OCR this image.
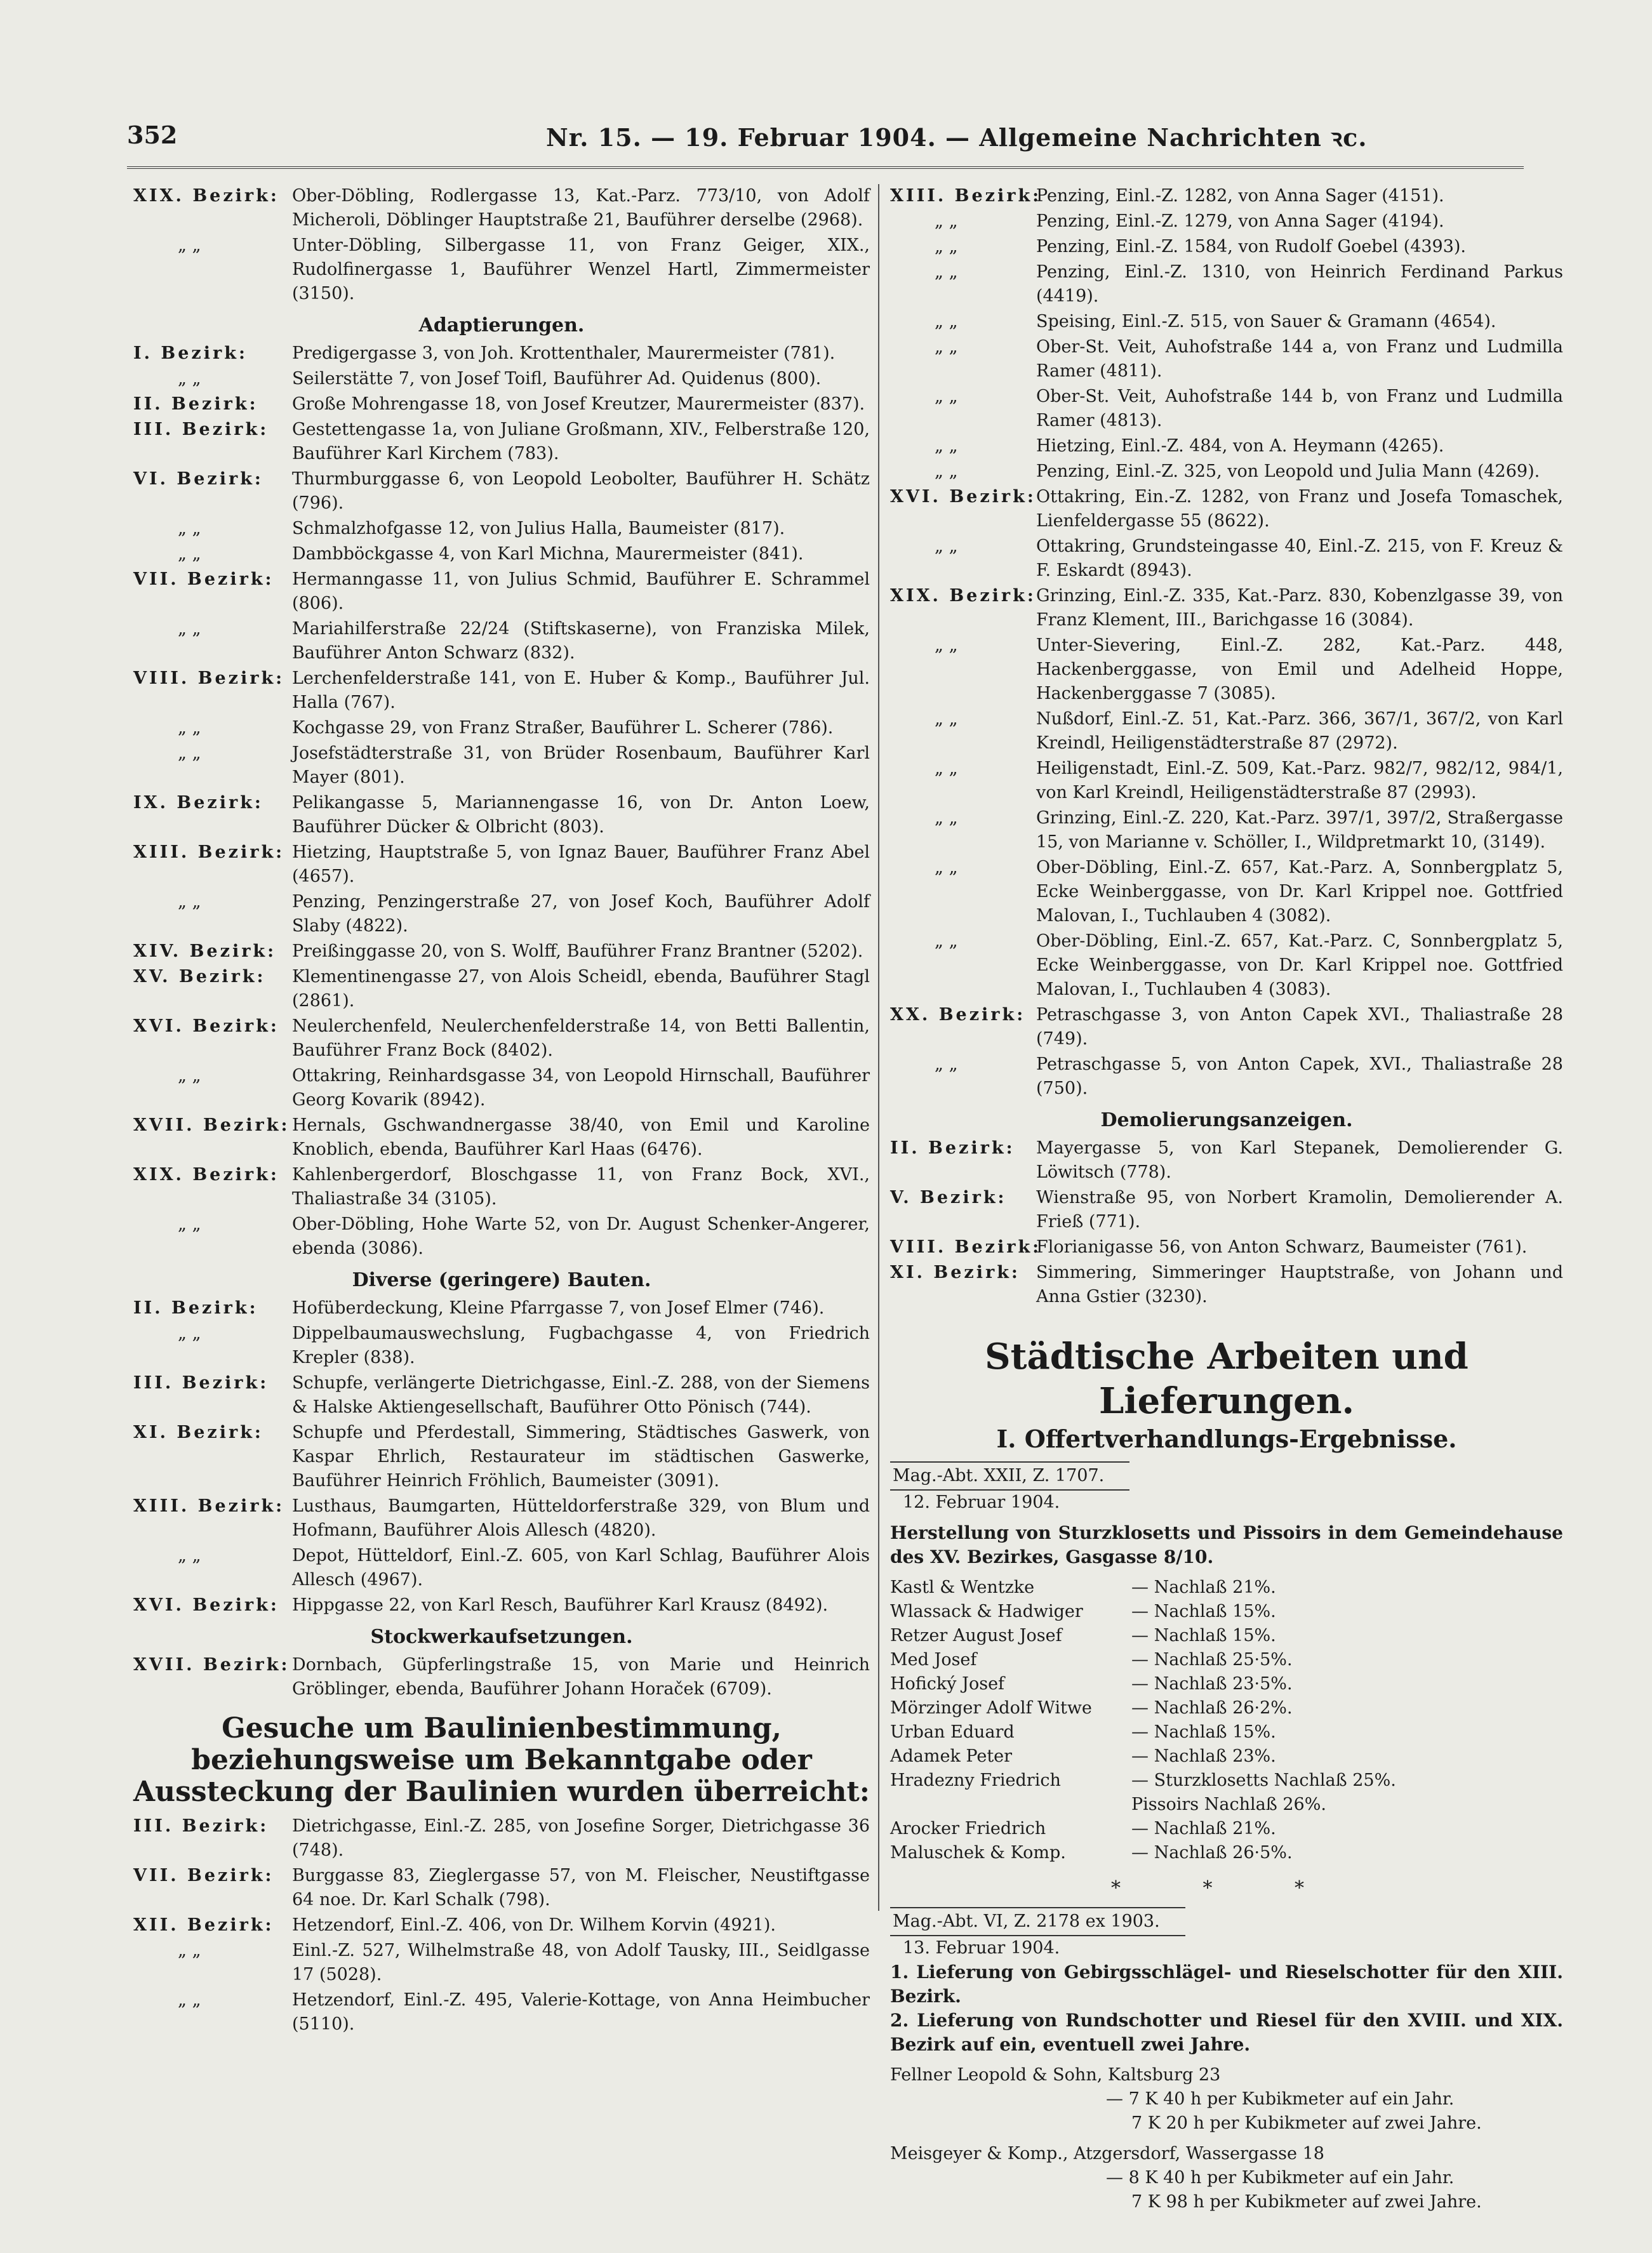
352	Nr. 15. — 19. Februar 1904. — Allgemeine Nachrichten ꝛc.
XIX. Bezirk: Ober-Döbling, Rodlergasse 13, Kat.-Parz. 773/10, von Adolf Micheroli, Döblinger Hauptstraße 21, Bauführer derselbe (2968).
„ „	Unter-Döbling, Silbergasse 11, von Franz Geiger, XIX., Rudolfinergasse 1, Bauführer Wenzel Hartl, Zimmermeister (3150).
Adaptierungen.
I. Bezirk:	Predigergasse 3, von Joh. Krottenthaler, Maurermeister (781).
„ „	Seilerstätte 7, von Josef Toifl, Bauführer Ad. Quidenus (800).
II. Bezirk:	Große Mohrengasse 18, von Josef Kreutzer, Maurermeister (837).
III. Bezirk:	Gestettengasse 1a, von Juliane Großmann, XIV., Felberstraße 120, Bauführer Karl Kirchem (783).
VI. Bezirk:	Thurmburggasse 6, von Leopold Leobolter, Bauführer H. Schätz (796).
„ „	Schmalzhofgasse 12, von Julius Halla, Baumeister (817).
„ „	Dambböckgasse 4, von Karl Michna, Maurermeister (841).
VII. Bezirk:	Hermanngasse 11, von Julius Schmid, Bauführer E. Schrammel (806).
„ „	Mariahilferstraße 22/24 (Stiftskaserne), von Franziska Milek, Bauführer Anton Schwarz (832).
VIII. Bezirk: Lerchenfelderstraße 141, von E. Huber & Komp., Bauführer Jul. Halla (767).
„ „	Kochgasse 29, von Franz Straßer, Bauführer L. Scherer (786).
„ „	Josefstädterstraße 31, von Brüder Rosenbaum, Bauführer Karl Mayer (801).
IX. Bezirk:	Pelikangasse 5, Mariannengasse 16, von Dr. Anton Loew, Bauführer Dücker & Olbricht (803).
XIII. Bezirk: Hietzing, Hauptstraße 5, von Ignaz Bauer, Bauführer Franz Abel (4657).
„ „	Penzing, Penzingerstraße 27, von Josef Koch, Bauführer Adolf Slaby (4822).
XIV. Bezirk: Preißinggasse 20, von S. Wolff, Bauführer Franz Brantner (5202).
XV. Bezirk:	Klementinengasse 27, von Alois Scheidl, ebenda, Bauführer Stagl (2861).
XVI. Bezirk: Neulerchenfeld, Neulerchenfelderstraße 14, von Betti Ballentin, Bauführer Franz Bock (8402).
„ „	Ottakring, Reinhardsgasse 34, von Leopold Hirnschall, Bauführer Georg Kovarik (8942).
XVII. Bezirk: Hernals, Gschwandnergasse 38/40, von Emil und Karoline Knoblich, ebenda, Bauführer Karl Haas (6476).
XIX. Bezirk: Kahlenbergerdorf, Bloschgasse 11, von Franz Bock, XVI., Thaliastraße 34 (3105).
„ „	Ober-Döbling, Hohe Warte 52, von Dr. August Schenker-Angerer, ebenda (3086).
Diverse (geringere) Bauten.
II. Bezirk:	Hofüberdeckung, Kleine Pfarrgasse 7, von Josef Elmer (746).
„ „	Dippelbaumauswechslung, Fugbachgasse 4, von Friedrich Krepler (838).
III. Bezirk:	Schupfe, verlängerte Dietrichgasse, Einl.-Z. 288, von der Siemens & Halske Aktiengesellschaft, Bauführer Otto Pönisch (744).
XI. Bezirk:	Schupfe und Pferdestall, Simmering, Städtisches Gaswerk, von Kaspar Ehrlich, Restaurateur im städtischen Gaswerke, Bauführer Heinrich Fröhlich, Baumeister (3091).
XIII. Bezirk: Lusthaus, Baumgarten, Hütteldorferstraße 329, von Blum und Hofmann, Bauführer Alois Allesch (4820).
„ „	Depot, Hütteldorf, Einl.-Z. 605, von Karl Schlag, Bauführer Alois Allesch (4967).
XVI. Bezirk: Hippgasse 22, von Karl Resch, Bauführer Karl Krausz (8492).
Stockwerkaufsetzungen.
XVII. Bezirk: Dornbach, Güpferlingstraße 15, von Marie und Heinrich Gröblinger, ebenda, Bauführer Johann Horaček (6709).
Gesuche um Baulinienbestimmung, beziehungsweise um Bekanntgabe oder Aussteckung der Baulinien wurden überreicht:
III. Bezirk:	Dietrichgasse, Einl.-Z. 285, von Josefine Sorger, Dietrichgasse 36 (748).
VII. Bezirk:	Burggasse 83, Zieglergasse 57, von M. Fleischer, Neustiftgasse 64 noe. Dr. Karl Schalk (798).
XII. Bezirk:	Hetzendorf, Einl.-Z. 406, von Dr. Wilhem Korvin (4921).
„ „	Einl.-Z. 527, Wilhelmstraße 48, von Adolf Tausky, III., Seidlgasse 17 (5028).
„ „	Hetzendorf, Einl.-Z. 495, Valerie-Kottage, von Anna Heimbucher (5110).
XIII. Bezirk:
Penzing, Einl.-Z. 1282, von Anna Sager (4151).
„ „	Penzing, Einl.-Z. 1279, von Anna Sager (4194).
„ „	Penzing, Einl.-Z. 1584, von Rudolf Goebel (4393).
„ „	Penzing, Einl.-Z. 1310, von Heinrich Ferdinand Parkus (4419).
„ „	Speising, Einl.-Z. 515, von Sauer & Gramann (4654).
„ „	Ober-St. Veit, Auhofstraße 144 a, von Franz und Ludmilla Ramer (4811).
„ „	Ober-St. Veit, Auhofstraße 144 b, von Franz und Ludmilla Ramer (4813).
„ „	Hietzing, Einl.-Z. 484, von A. Heymann (4265).
„ „	Penzing, Einl.-Z. 325, von Leopold und Julia Mann (4269).
XVI. Bezirk: Ottakring, Ein.-Z. 1282, von Franz und Josefa Tomaschek, Lienfeldergasse 55 (8622).
„ „	Ottakring, Grundsteingasse 40, Einl.-Z. 215, von F. Kreuz & F. Eskardt (8943).
XIX. Bezirk: Grinzing, Einl.-Z. 335, Kat.-Parz. 830, Kobenzlgasse 39, von Franz Klement, III., Barichgasse 16 (3084).
„ „	Unter-Sievering, Einl.-Z. 282, Kat.-Parz. 448, Hackenberggasse, von Emil und Adelheid Hoppe, Hackenberggasse 7 (3085).
„ „	Nußdorf, Einl.-Z. 51, Kat.-Parz. 366, 367/1, 367/2, von Karl Kreindl, Heiligenstädterstraße 87 (2972).
„ „	Heiligenstadt, Einl.-Z. 509, Kat.-Parz. 982/7, 982/12, 984/1, von Karl Kreindl, Heiligenstädterstraße 87 (2993).
„ „	Grinzing, Einl.-Z. 220, Kat.-Parz. 397/1, 397/2, Straßergasse 15, von Marianne v. Schöller, I., Wildpretmarkt 10, (3149).
„ „	Ober-Döbling, Einl.-Z. 657, Kat.-Parz. A, Sonnbergplatz 5, Ecke Weinberggasse, von Dr. Karl Krippel noe. Gottfried Malovan, I., Tuchlauben 4 (3082).
„ „	Ober-Döbling, Einl.-Z. 657, Kat.-Parz. C, Sonnbergplatz 5, Ecke Weinberggasse, von Dr. Karl Krippel noe. Gottfried Malovan, I., Tuchlauben 4 (3083).
XX. Bezirk: Petraschgasse 3, von Anton Capek XVI., Thaliastraße 28 (749).
„ „	Petraschgasse 5, von Anton Capek, XVI., Thaliastraße 28 (750).
Demolierungsanzeigen.
II. Bezirk:	Mayergasse 5, von Karl Stepanek, Demolierender G. Löwitsch (778).
V. Bezirk:	Wienstraße 95, von Norbert Kramolin, Demolierender A. Frieß (771).
VIII. Bezirk:
Florianigasse 56, von Anton Schwarz, Baumeister (761).
XI. Bezirk: Simmering, Simmeringer Hauptstraße, von Johann und Anna Gstier (3230).
Städtische Arbeiten und Lieferungen.
I. Offertverhandlungs-Ergebnisse.
Mag.-Abt. XXII, Z. 1707.
12. Februar 1904.
Herstellung von Sturzklosetts und Pissoirs in dem Gemeindehause des XV. Bezirkes, Gasgasse 8/10.
Kastl & Wentzke	— Nachlaß 21%.
Wlassack & Hadwiger	— Nachlaß 15%.
Retzer August Josef	— Nachlaß 15%.
Med Josef	— Nachlaß 25·5%.
Hofický Josef	— Nachlaß 23·5%.
Mörzinger Adolf Witwe	— Nachlaß 26·2%.
Urban Eduard	— Nachlaß 15%.
Adamek Peter	— Nachlaß 23%.
Hradezny Friedrich	— Sturzklosetts Nachlaß 25%.
Pissoirs Nachlaß 26%.
Arocker Friedrich	— Nachlaß 21%.
Maluschek & Komp.	— Nachlaß 26·5%.
* * *
Mag.-Abt. VI, Z. 2178 ex 1903.
13. Februar 1904.
1. Lieferung von Gebirgsschlägel- und Rieselschotter für den XIII. Bezirk.
2. Lieferung von Rundschotter und Riesel für den XVIII. und XIX. Bezirk auf ein, eventuell zwei Jahre.
Fellner Leopold & Sohn, Kaltsburg 23
— 7 K 40 h per Kubikmeter auf ein Jahr.
7 K 20 h per Kubikmeter auf zwei Jahre.
Meisgeyer & Komp., Atzgersdorf, Wassergasse 18
— 8 K 40 h per Kubikmeter auf ein Jahr.
7 K 98 h per Kubikmeter auf zwei Jahre.
